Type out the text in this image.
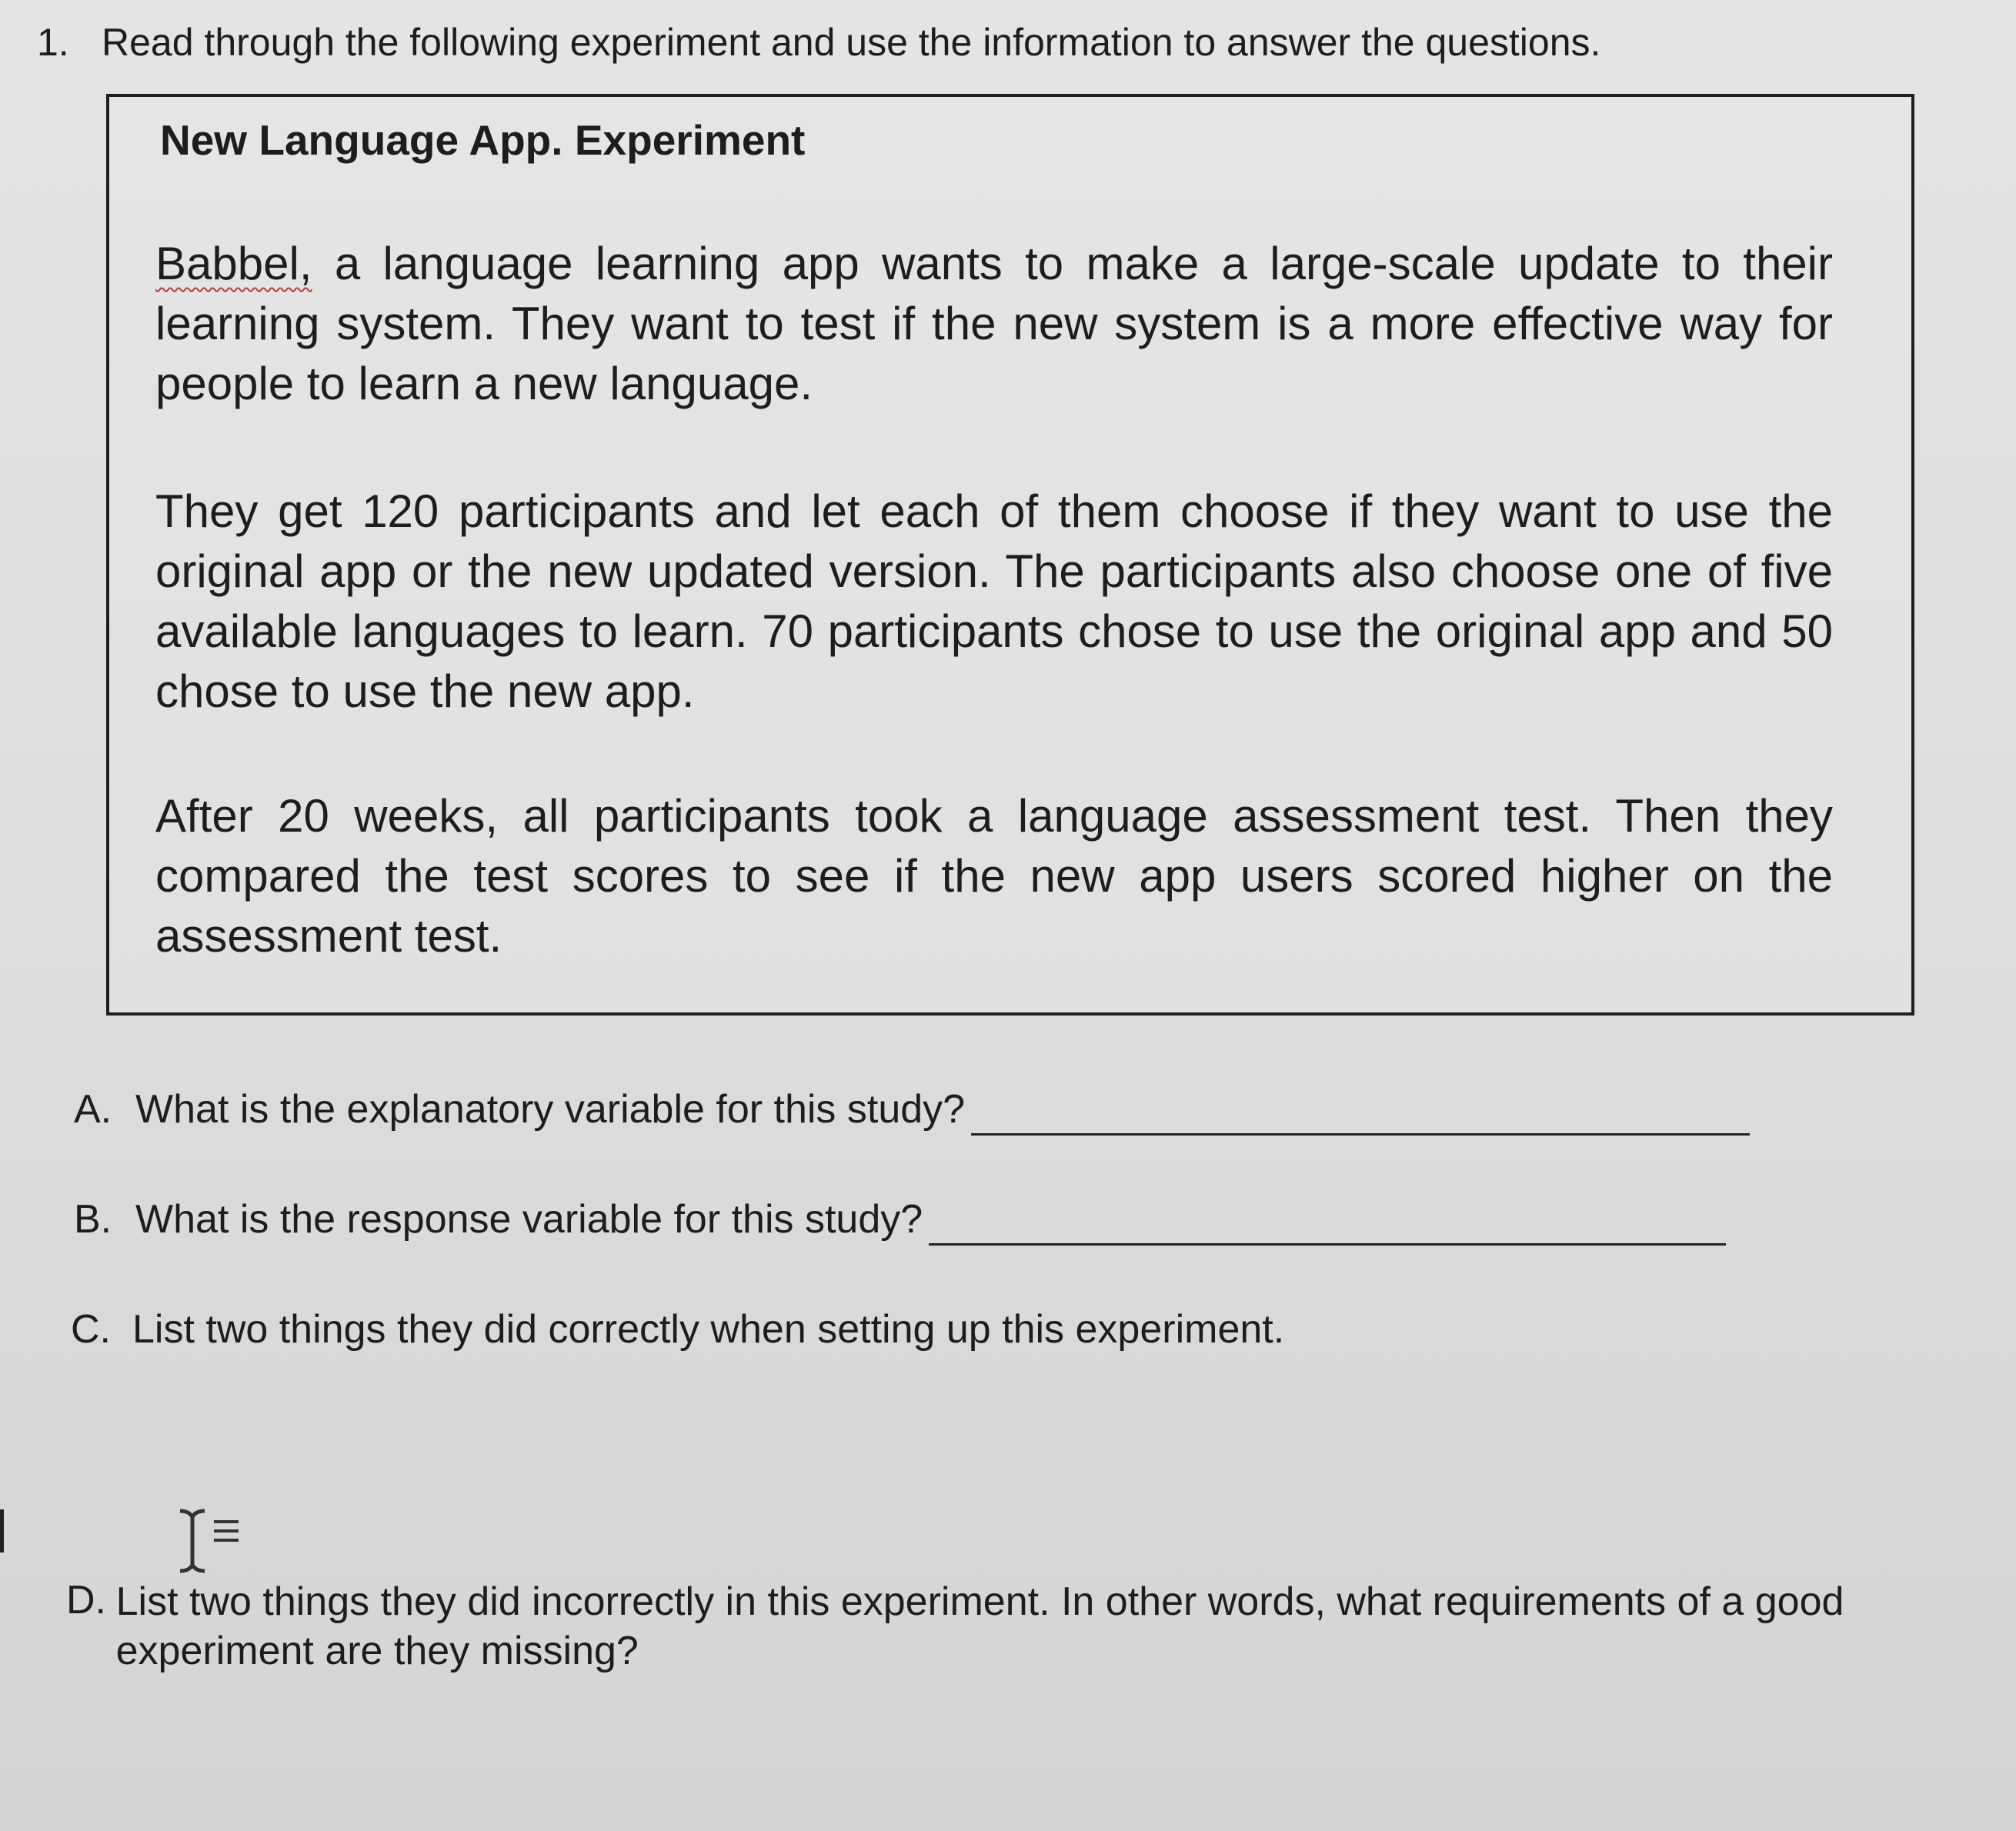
1. Read through the following experiment and use the information to answer the questions.
New Language App. Experiment
Babbel, a language learning app wants to make a large-scale update to their learning system. They want to test if the new system is a more effective way for people to learn a new language.
They get 120 participants and let each of them choose if they want to use the original app or the new updated version. The participants also choose one of five available languages to learn. 70 participants chose to use the original app and 50 chose to use the new app.
After 20 weeks, all participants took a language assessment test. Then they compared the test scores to see if the new app users scored higher on the assessment test.
A. What is the explanatory variable for this study?
B. What is the response variable for this study?
C. List two things they did correctly when setting up this experiment.
D. List two things they did incorrectly in this experiment. In other words, what requirements of a good experiment are they missing?
